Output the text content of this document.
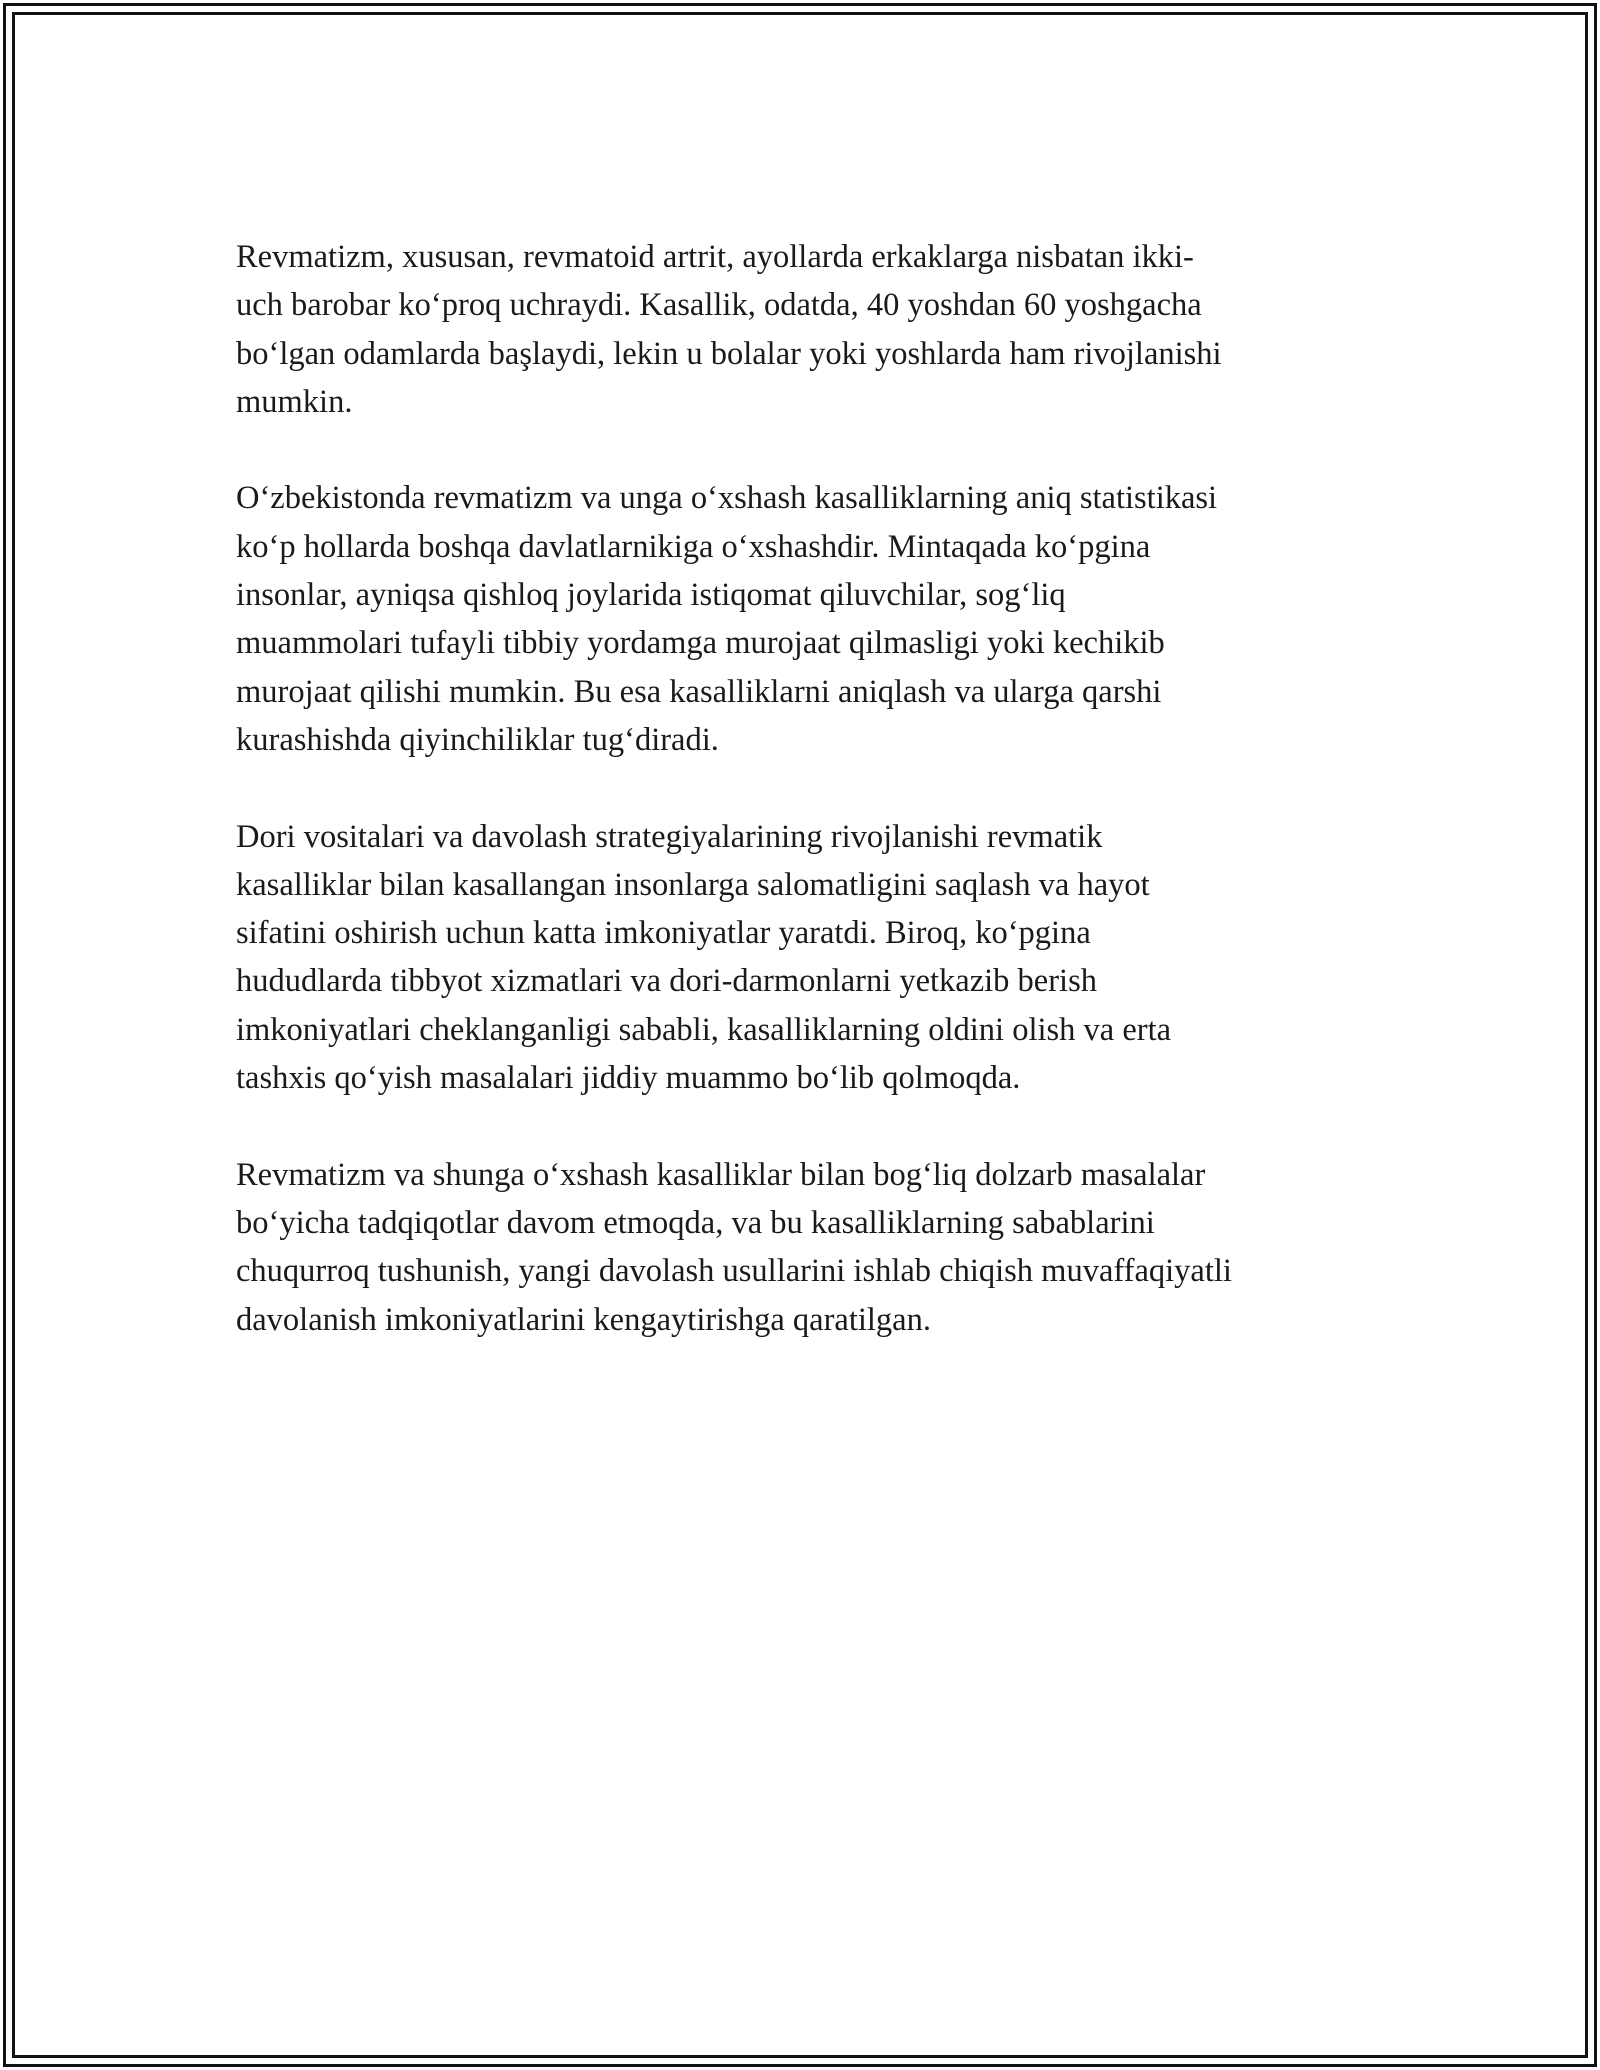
Revmatizm, xususan, revmatoid artrit, ayollarda erkaklarga nisbatan ikki-
uch barobar koʻproq uchraydi. Kasallik, odatda, 40 yoshdan 60 yoshgacha
boʻlgan odamlarda başlaydi, lekin u bolalar yoki yoshlarda ham rivojlanishi
mumkin.

Oʻzbekistonda revmatizm va unga oʻxshash kasalliklarning aniq statistikasi
koʻp hollarda boshqa davlatlarnikiga oʻxshashdir. Mintaqada koʻpgina
insonlar, ayniqsa qishloq joylarida istiqomat qiluvchilar, sogʻliq
muammolari tufayli tibbiy yordamga murojaat qilmasligi yoki kechikib
murojaat qilishi mumkin. Bu esa kasalliklarni aniqlash va ularga qarshi
kurashishda qiyinchiliklar tugʻdiradi.

Dori vositalari va davolash strategiyalarining rivojlanishi revmatik
kasalliklar bilan kasallangan insonlarga salomatligini saqlash va hayot
sifatini oshirish uchun katta imkoniyatlar yaratdi. Biroq, koʻpgina
hududlarda tibbyot xizmatlari va dori-darmonlarni yetkazib berish
imkoniyatlari cheklanganligi sababli, kasalliklarning oldini olish va erta
tashxis qoʻyish masalalari jiddiy muammo boʻlib qolmoqda.

Revmatizm va shunga oʻxshash kasalliklar bilan bogʻliq dolzarb masalalar
boʻyicha tadqiqotlar davom etmoqda, va bu kasalliklarning sabablarini
chuqurroq tushunish, yangi davolash usullarini ishlab chiqish muvaffaqiyatli
davolanish imkoniyatlarini kengaytirishga qaratilgan.
